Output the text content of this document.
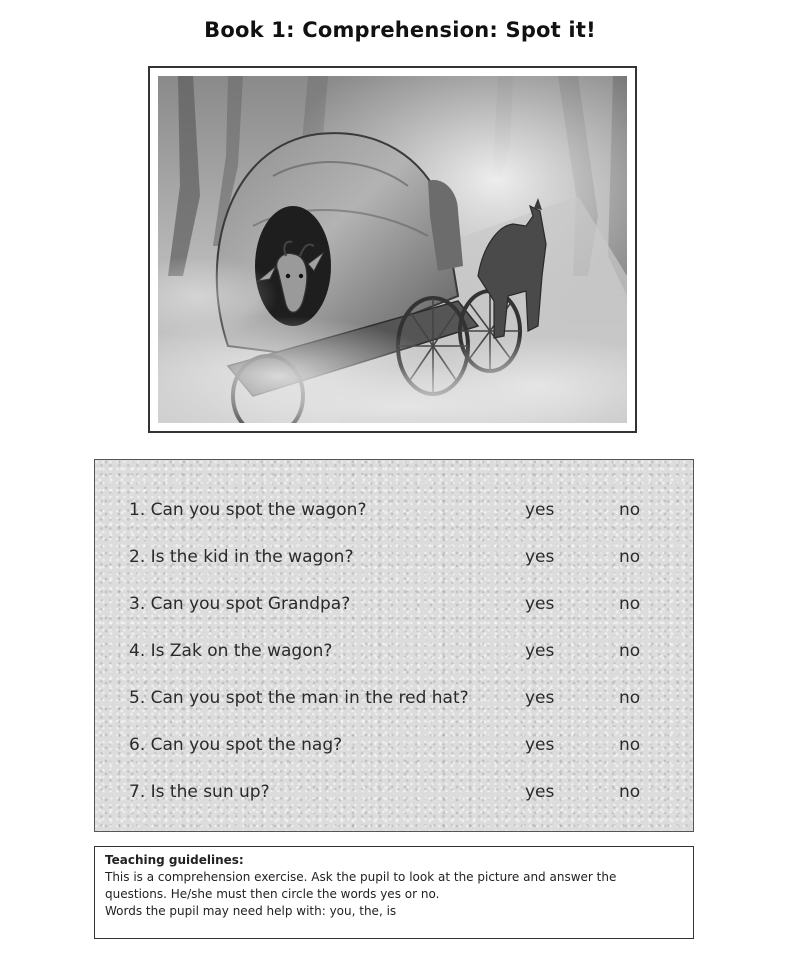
Book 1: Comprehension: Spot it!
1. Can you spot the wagon?	yes	no
2. Is the kid in the wagon?	yes	no
3. Can you spot Grandpa?	yes	no
4. Is Zak on the wagon?	yes	no
5. Can you spot the man in the red hat?	yes	no
6. Can you spot the nag?	yes	no
7. Is the sun up?	yes	no
Teaching guidelines:
This is a comprehension exercise. Ask the pupil to look at the picture and answer the
questions. He/she must then circle the words yes or no.
Words the pupil may need help with: you, the, is
